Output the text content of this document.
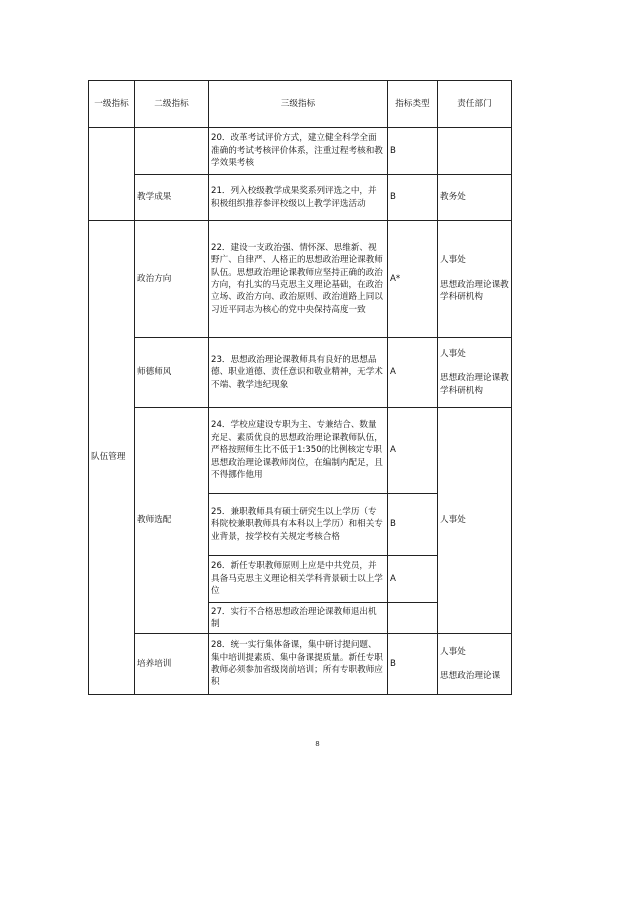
一级指标	二级指标	三级指标	指标类型	责任部门
		20．改革考试评价方式，建立健全科学全面准确的考试考核评价体系，注重过程考核和教学效果考核	B	
	教学成果	21．列入校级教学成果奖系列评选之中，并积极组织推荐参评校级以上教学评选活动	B	教务处
队伍管理	政治方向	22．建设一支政治强、情怀深、思维新、视野广、自律严、人格正的思想政治理论课教师队伍。思想政治理论课教师应坚持正确的政治方向，有扎实的马克思主义理论基础，在政治立场、政治方向、政治原则、政治道路上同以习近平同志为核心的党中央保持高度一致	A*	人事处
思想政治理论课教学科研机构

	师德师风	23．思想政治理论课教师具有良好的思想品德、职业道德、责任意识和敬业精神，无学术不端、教学违纪现象	A	人事处
思想政治理论课教学科研机构

	教师选配	24．学校应建设专职为主、专兼结合、数量充足、素质优良的思想政治理论课教师队伍，严格按照师生比不低于1:350的比例核定专职思想政治理论课教师岗位，在编制内配足，且不得挪作他用	A	人事处
		25．兼职教师具有硕士研究生以上学历（专科院校兼职教师具有本科以上学历）和相关专业背景，按学校有关规定考核合格	B	
		26．新任专职教师原则上应是中共党员，并具备马克思主义理论相关学科背景硕士以上学位	A	
		27．实行不合格思想政治理论课教师退出机制		
	培养培训	28．统一实行集体备课，集中研讨提问题、集中培训提素质、集中备课提质量。新任专职教师必须参加省级岗前培训；所有专职教师应积	B	人事处
思想政治理论课
8
